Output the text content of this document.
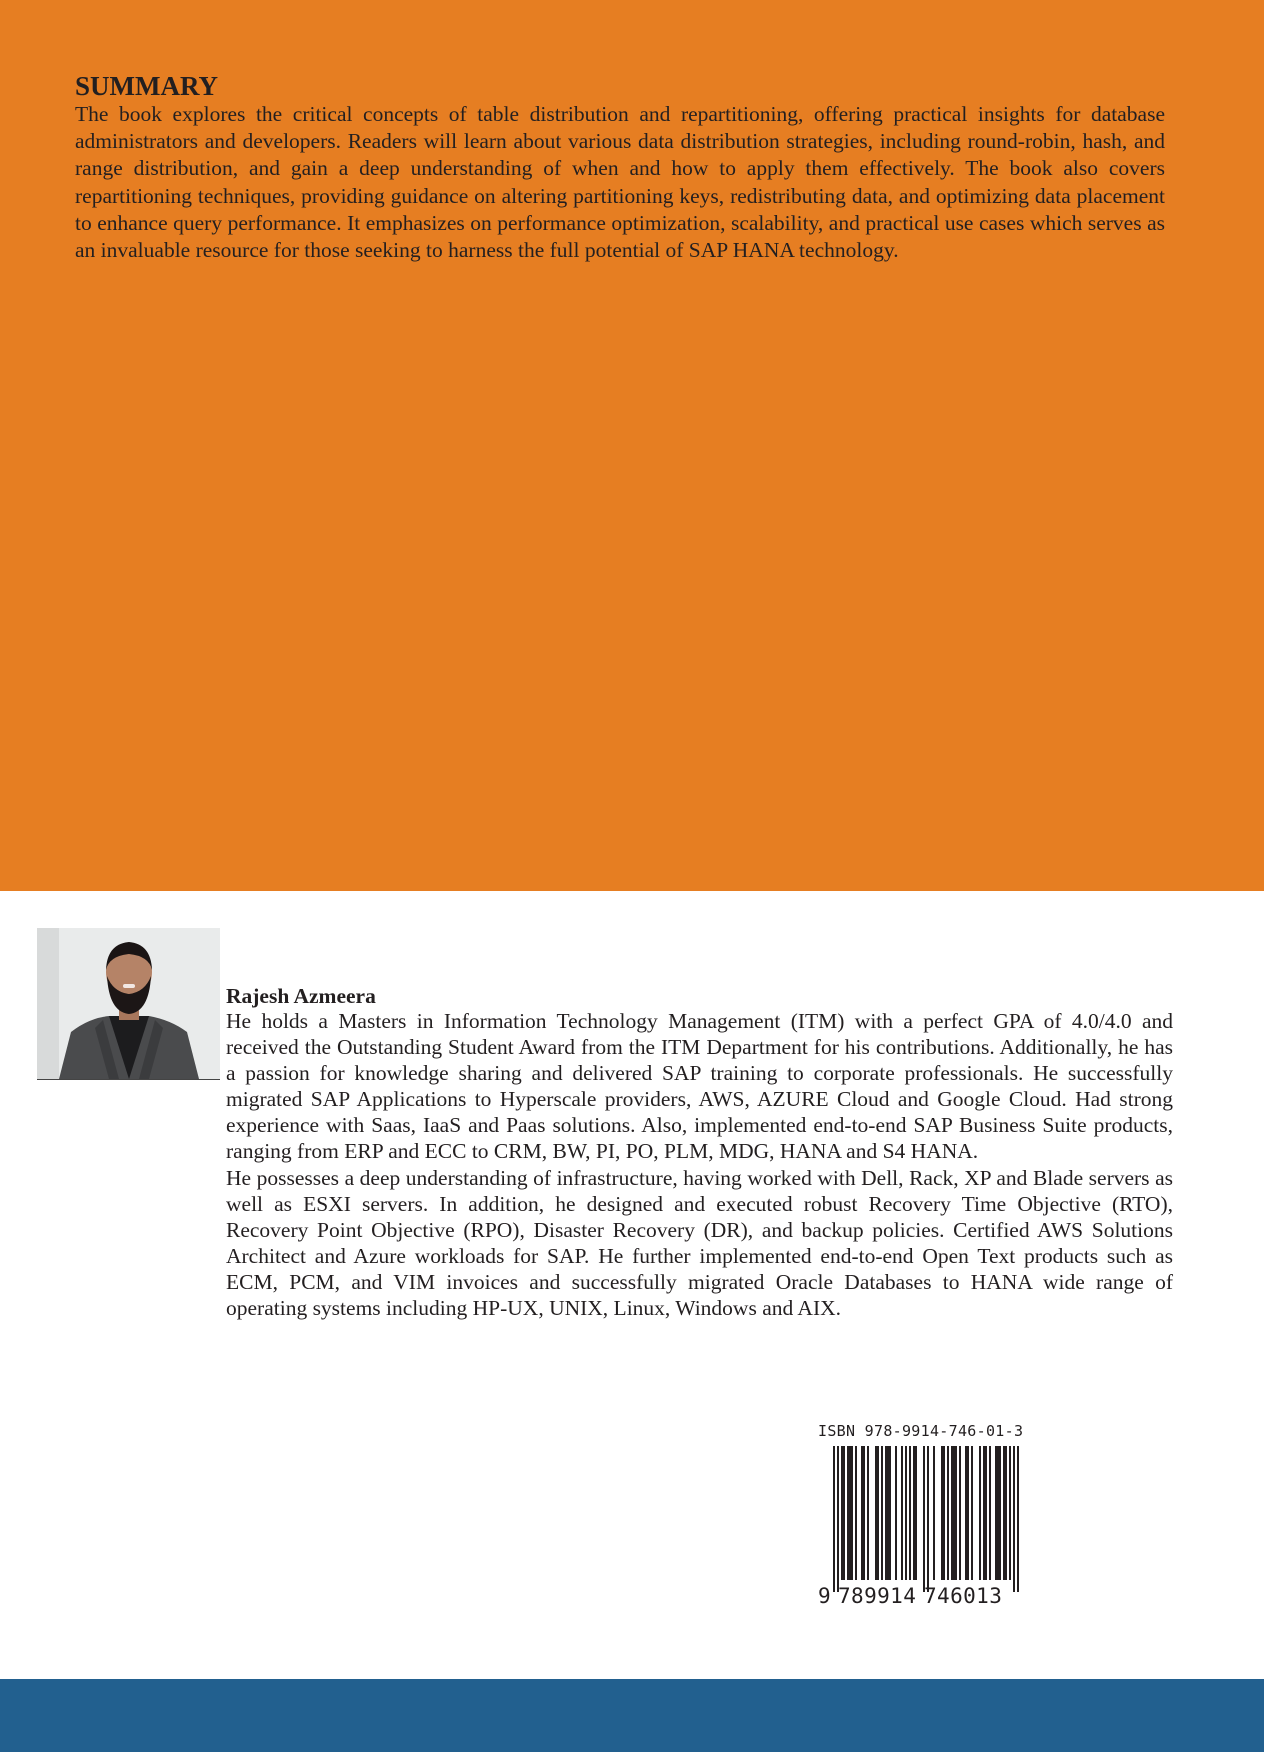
SUMMARY

The book explores the critical concepts of table distribution and repartitioning, offering practical insights for database administrators and developers. Readers will learn about various data distribution strategies, including round-robin, hash, and range distribution, and gain a deep understanding of when and how to apply them effectively. The book also covers repartitioning techniques, providing guidance on altering partitioning keys, redistributing data, and optimizing data placement to enhance query performance. It emphasizes on performance optimization, scalability, and practical use cases which serves as an invaluable resource for those seeking to harness the full potential of SAP HANA technology.

Rajesh Azmeera

He holds a Masters in Information Technology Management (ITM) with a perfect GPA of 4.0/4.0 and received the Outstanding Student Award from the ITM Department for his contributions. Additionally, he has a passion for knowledge sharing and delivered SAP training to corporate professionals. He successfully migrated SAP Applications to Hyperscale providers, AWS, AZURE Cloud and Google Cloud. Had strong experience with Saas, IaaS and Paas solutions. Also, implemented end-to-end SAP Business Suite products, ranging from ERP and ECC to CRM, BW, PI, PO, PLM, MDG, HANA and S4 HANA.

He possesses a deep understanding of infrastructure, having worked with Dell, Rack, XP and Blade servers as well as ESXI servers. In addition, he designed and executed robust Recovery Time Objective (RTO), Recovery Point Objective (RPO), Disaster Recovery (DR), and backup policies. Certified AWS Solutions Architect and Azure workloads for SAP. He further implemented end-to-end Open Text products such as ECM, PCM, and VIM invoices and successfully migrated Oracle Databases to HANA wide range of operating systems including HP-UX, UNIX, Linux, Windows and AIX.

ISBN 978-9914-746-01-3
9 789914 746013
